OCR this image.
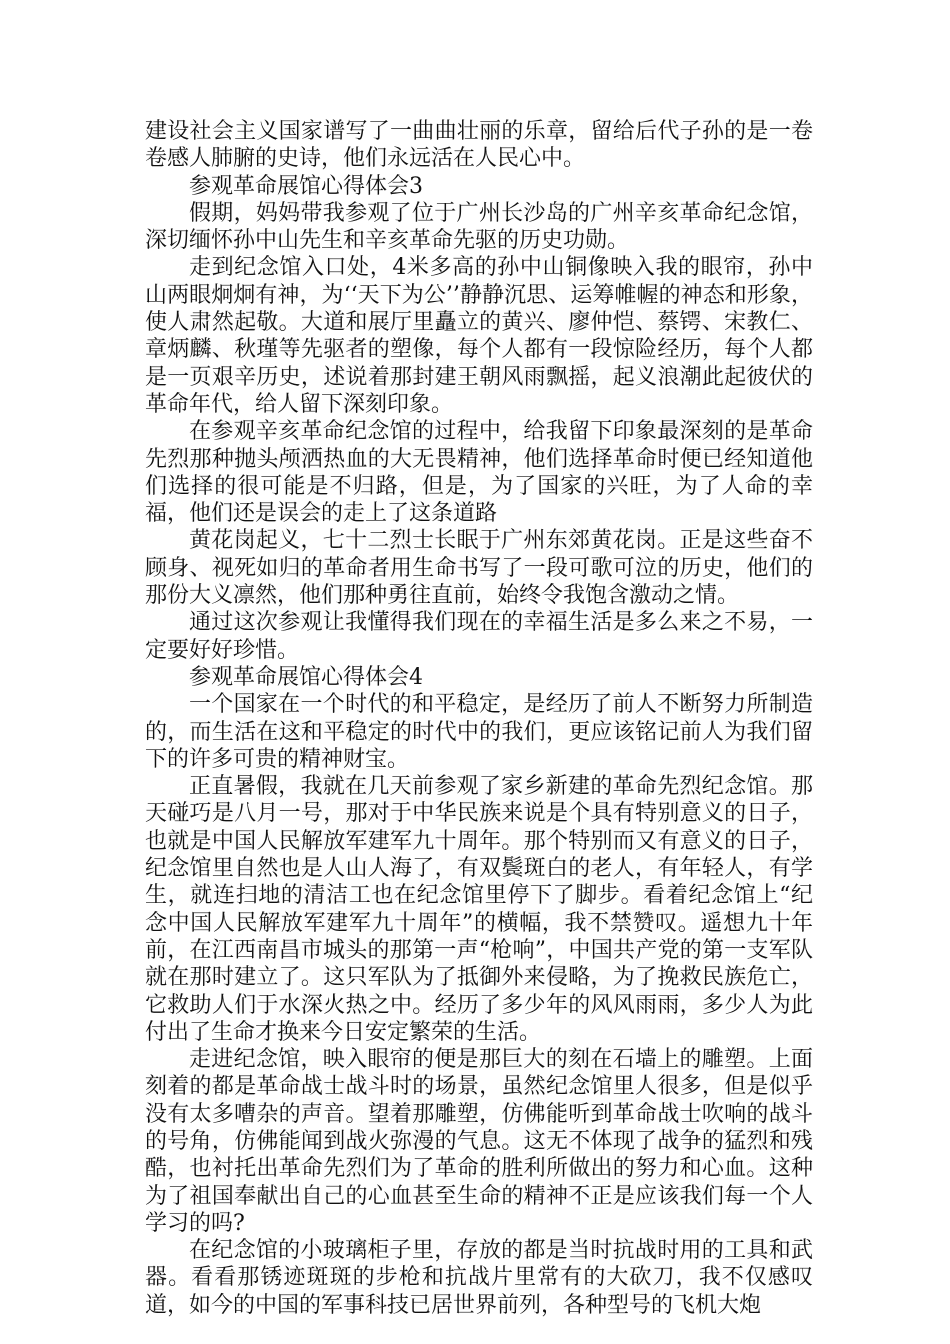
建设社会主义国家谱写了一曲曲壮丽的乐章，留给后代子孙的是一卷卷感人肺腑的史诗，他们永远活在人民心中。

参观革命展馆心得体会3

假期，妈妈带我参观了位于广州长沙岛的广州辛亥革命纪念馆，深切缅怀孙中山先生和辛亥革命先驱的历史功勋。

走到纪念馆入口处，4米多高的孙中山铜像映入我的眼帘，孙中山两眼炯炯有神，为‘‘天下为公’’静静沉思、运筹帷幄的神态和形象，使人肃然起敬。大道和展厅里矗立的黄兴、廖仲恺、蔡锷、宋教仁、章炳麟、秋瑾等先驱者的塑像，每个人都有一段惊险经历，每个人都是一页艰辛历史，述说着那封建王朝风雨飘摇，起义浪潮此起彼伏的革命年代，给人留下深刻印象。

在参观辛亥革命纪念馆的过程中，给我留下印象最深刻的是革命先烈那种抛头颅洒热血的大无畏精神，他们选择革命时便已经知道他们选择的很可能是不归路，但是，为了国家的兴旺，为了人命的幸福，他们还是误会的走上了这条道路

黄花岗起义，七十二烈士长眠于广州东郊黄花岗。正是这些奋不顾身、视死如归的革命者用生命书写了一段可歌可泣的历史，他们的那份大义凛然，他们那种勇往直前，始终令我饱含激动之情。

通过这次参观让我懂得我们现在的幸福生活是多么来之不易，一定要好好珍惜。

参观革命展馆心得体会4

一个国家在一个时代的和平稳定，是经历了前人不断努力所制造的，而生活在这和平稳定的时代中的我们，更应该铭记前人为我们留下的许多可贵的精神财宝。

正直暑假，我就在几天前参观了家乡新建的革命先烈纪念馆。那天碰巧是八月一号，那对于中华民族来说是个具有特别意义的日子，也就是中国人民解放军建军九十周年。那个特别而又有意义的日子，纪念馆里自然也是人山人海了，有双鬓斑白的老人，有年轻人，有学生，就连扫地的清洁工也在纪念馆里停下了脚步。看着纪念馆上“纪念中国人民解放军建军九十周年”的横幅，我不禁赞叹。遥想九十年前，在江西南昌市城头的那第一声“枪响”，中国共产党的第一支军队就在那时建立了。这只军队为了抵御外来侵略，为了挽救民族危亡，它救助人们于水深火热之中。经历了多少年的风风雨雨，多少人为此付出了生命才换来今日安定繁荣的生活。

走进纪念馆，映入眼帘的便是那巨大的刻在石墙上的雕塑。上面刻着的都是革命战士战斗时的场景，虽然纪念馆里人很多，但是似乎没有太多嘈杂的声音。望着那雕塑，仿佛能听到革命战士吹响的战斗的号角，仿佛能闻到战火弥漫的气息。这无不体现了战争的猛烈和残酷，也衬托出革命先烈们为了革命的胜利所做出的努力和心血。这种为了祖国奉献出自己的心血甚至生命的精神不正是应该我们每一个人学习的吗?

在纪念馆的小玻璃柜子里，存放的都是当时抗战时用的工具和武器。看看那锈迹斑斑的步枪和抗战片里常有的大砍刀，我不仅感叹道，如今的中国的军事科技已居世界前列，各种型号的飞机大炮
